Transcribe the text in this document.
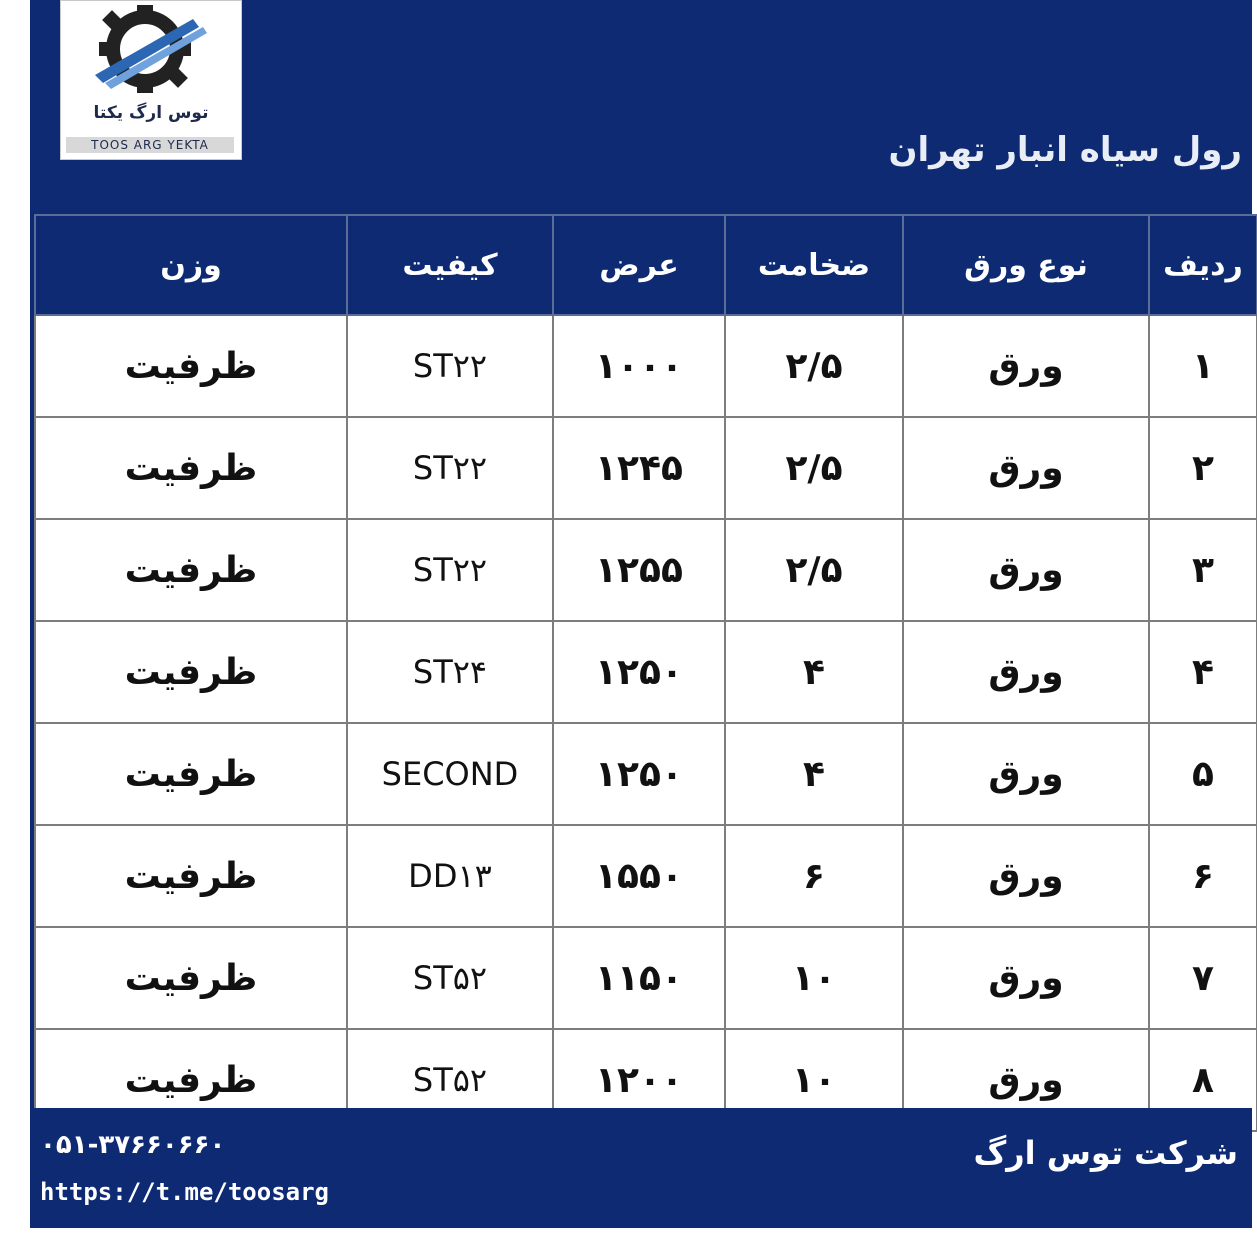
توس ارگ یکتا
TOOS ARG YEKTA	رول سیاه انبار تهران
ردیف	نوع ورق	ضخامت	عرض	کیفیت	وزن
۱	ورق	۲/۵	۱۰۰۰	ST۲۲	ظرفیت
۲	ورق	۲/۵	۱۲۴۵	ST۲۲	ظرفیت
۳	ورق	۲/۵	۱۲۵۵	ST۲۲	ظرفیت
۴	ورق	۴	۱۲۵۰	ST۲۴	ظرفیت
۵	ورق	۴	۱۲۵۰	SECOND	ظرفیت
۶	ورق	۶	۱۵۵۰	DD۱۳	ظرفیت
۷	ورق	۱۰	۱۱۵۰	ST۵۲	ظرفیت
۸	ورق	۱۰	۱۲۰۰	ST۵۲	ظرفیت
شرکت توس ارگ
۰۵۱-۳۷۶۶۰۶۶۰
https://t.me/toosarg
